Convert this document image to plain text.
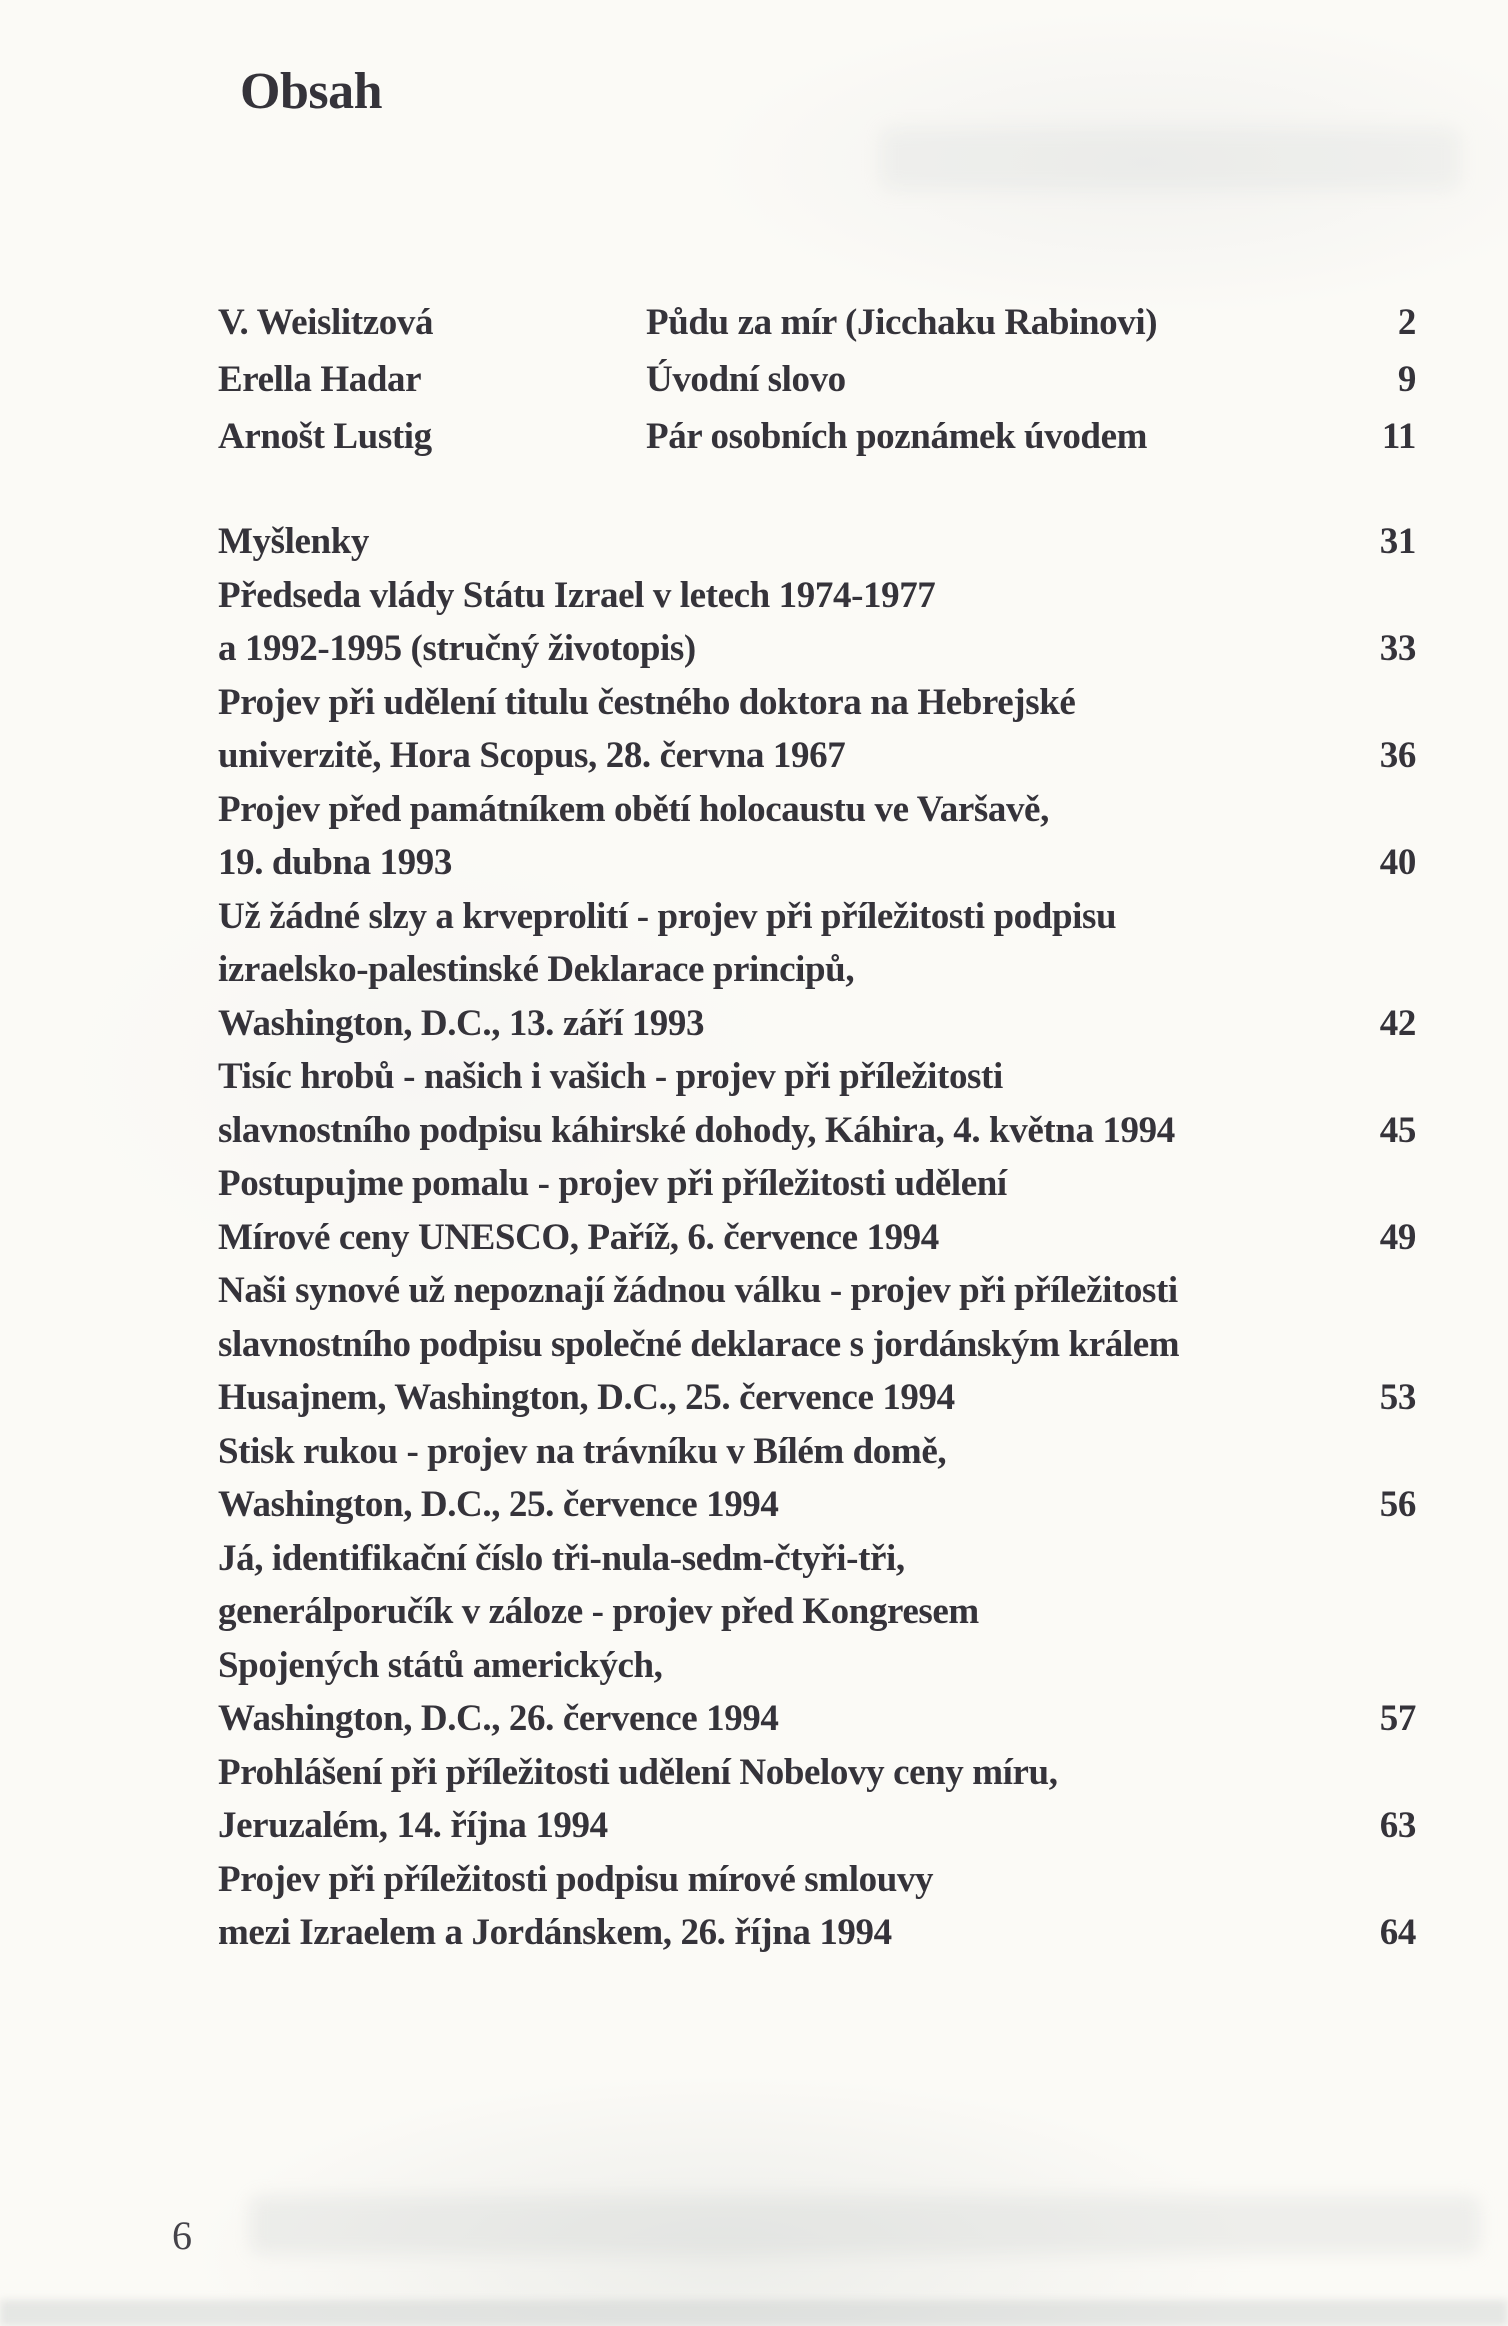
Obsah
V. Weislitzová	Půdu za mír (Jicchaku Rabinovi)	2
Erella Hadar	Úvodní slovo	9
Arnošt Lustig	Pár osobních poznámek úvodem	11
Myšlenky	31
Předseda vlády Státu Izrael v letech 1974-1977
a 1992-1995 (stručný životopis)	33
Projev při udělení titulu čestného doktora na Hebrejské
univerzitě, Hora Scopus, 28. června 1967	36
Projev před památníkem obětí holocaustu ve Varšavě,
19. dubna 1993	40
Už žádné slzy a krveprolití - projev při příležitosti podpisu
izraelsko-palestinské Deklarace principů,
Washington, D.C., 13. září 1993	42
Tisíc hrobů - našich i vašich - projev při příležitosti
slavnostního podpisu káhirské dohody, Káhira, 4. května 1994	45
Postupujme pomalu - projev při příležitosti udělení
Mírové ceny UNESCO, Paříž, 6. července 1994	49
Naši synové už nepoznají žádnou válku - projev při příležitosti
slavnostního podpisu společné deklarace s jordánským králem
Husajnem, Washington, D.C., 25. července 1994	53
Stisk rukou - projev na trávníku v Bílém domě,
Washington, D.C., 25. července 1994	56
Já, identifikační číslo tři-nula-sedm-čtyři-tři,
generálporučík v záloze - projev před Kongresem
Spojených států amerických,
Washington, D.C., 26. července 1994	57
Prohlášení při příležitosti udělení Nobelovy ceny míru,
Jeruzalém, 14. října 1994	63
Projev při příležitosti podpisu mírové smlouvy
mezi Izraelem a Jordánskem, 26. října 1994	64
6
